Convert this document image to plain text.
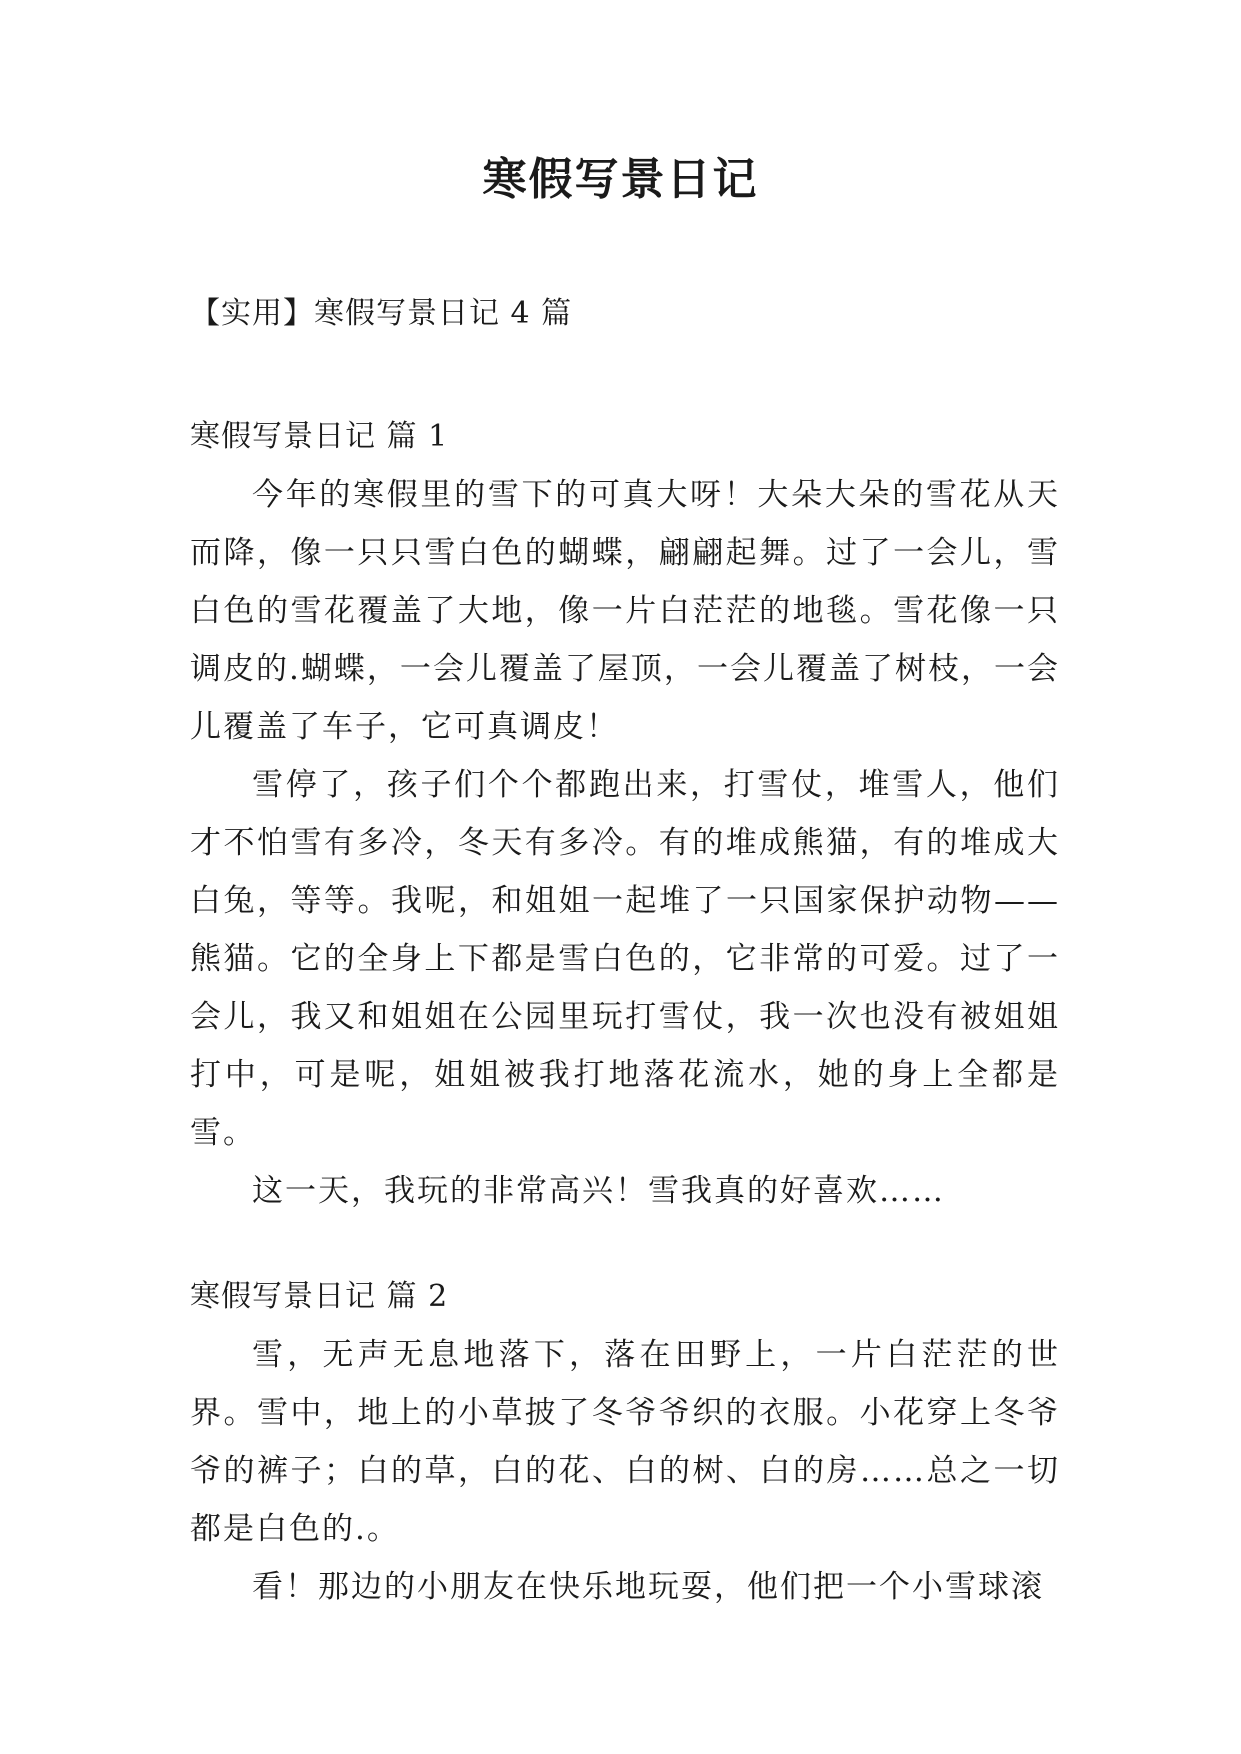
寒假写景日记

【实用】寒假写景日记 4 篇

寒假写景日记 篇 1

今年的寒假里的雪下的可真大呀！大朵大朵的雪花从天而降，像一只只雪白色的蝴蝶，翩翩起舞。过了一会儿，雪白色的雪花覆盖了大地，像一片白茫茫的地毯。雪花像一只调皮的.蝴蝶，一会儿覆盖了屋顶，一会儿覆盖了树枝，一会儿覆盖了车子，它可真调皮！

雪停了，孩子们个个都跑出来，打雪仗，堆雪人，他们才不怕雪有多冷，冬天有多冷。有的堆成熊猫，有的堆成大白兔，等等。我呢，和姐姐一起堆了一只国家保护动物——熊猫。它的全身上下都是雪白色的，它非常的可爱。过了一会儿，我又和姐姐在公园里玩打雪仗，我一次也没有被姐姐打中，可是呢，姐姐被我打地落花流水，她的身上全都是雪。

这一天，我玩的非常高兴！雪我真的好喜欢……

寒假写景日记 篇 2

雪，无声无息地落下，落在田野上，一片白茫茫的世界。雪中，地上的小草披了冬爷爷织的衣服。小花穿上冬爷爷的裤子；白的草，白的花、白的树、白的房……总之一切都是白色的.。

看！那边的小朋友在快乐地玩耍，他们把一个小雪球滚
